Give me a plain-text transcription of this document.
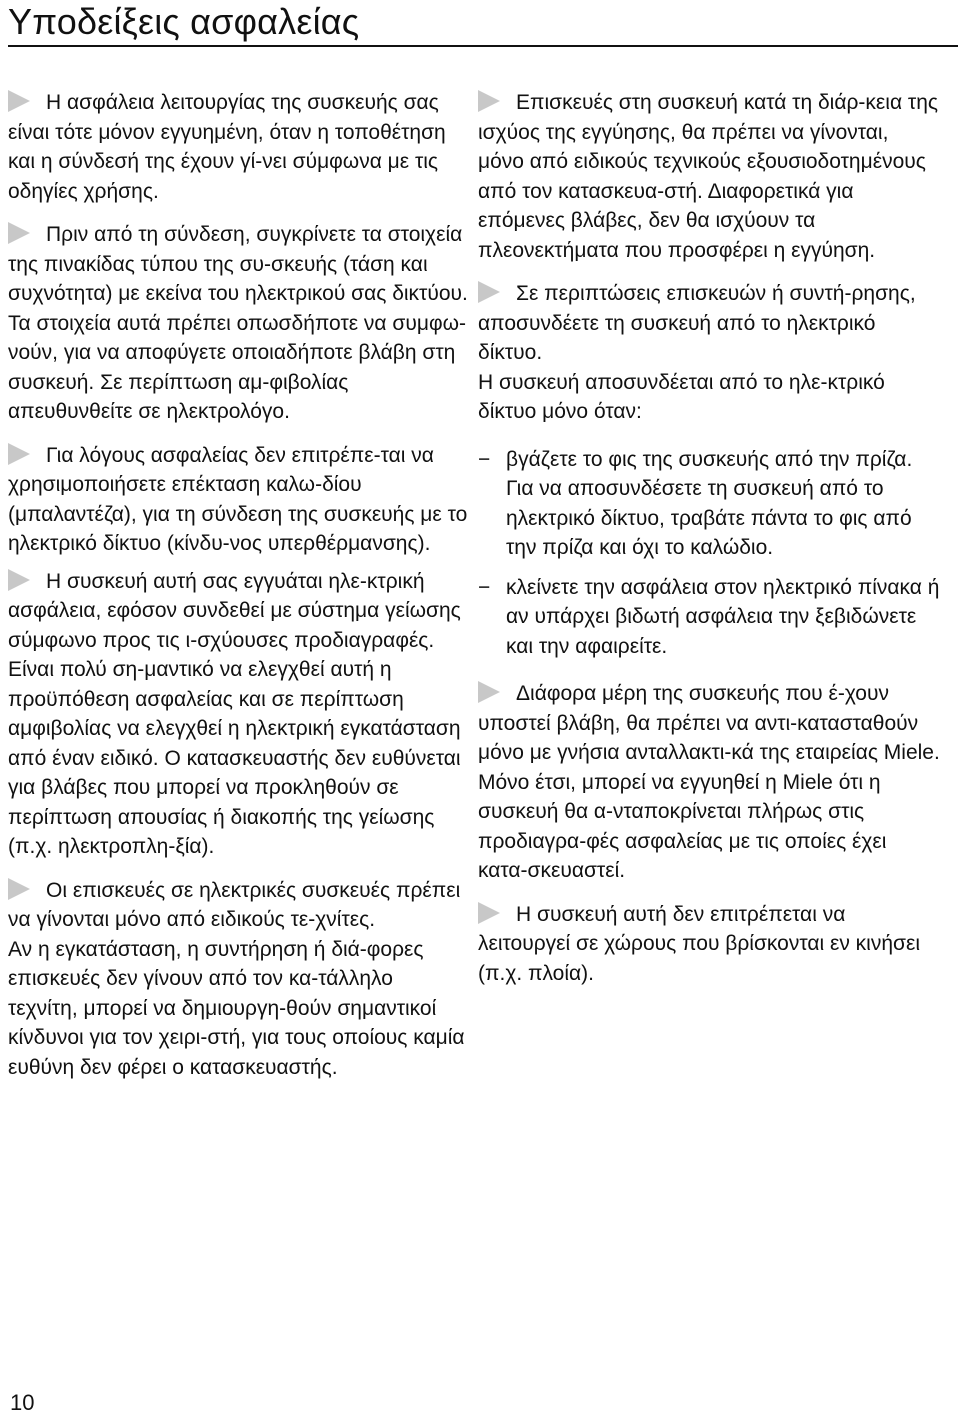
Υποδείξεις ασφαλείας

Η ασφάλεια λειτουργίας της συσκευής σας είναι τότε μόνον εγγυημένη, όταν η τοποθέτηση και η σύνδεσή της έχουν γί-νει σύμφωνα με τις οδηγίες χρήσης.

Πριν από τη σύνδεση, συγκρίνετε τα στοιχεία της πινακίδας τύπου της συ-σκευής (τάση και συχνότητα) με εκείνα του ηλεκτρικού σας δικτύου. Τα στοιχεία αυτά πρέπει οπωσδήποτε να συμφω-νούν, για να αποφύγετε οποιαδήποτε βλάβη στη συσκευή. Σε περίπτωση αμ-φιβολίας απευθυνθείτε σε ηλεκτρολόγο.

Για λόγους ασφαλείας δεν επιτρέπε-ται να χρησιμοποιήσετε επέκταση καλω-δίου (μπαλαντέζα), για τη σύνδεση της συσκευής με το ηλεκτρικό δίκτυο (κίνδυ-νος υπερθέρμανσης).

Η συσκευή αυτή σας εγγυάται ηλε-κτρική ασφάλεια, εφόσον συνδεθεί με σύστημα γείωσης σύμφωνο προς τις ι-σχύουσες προδιαγραφές. Είναι πολύ ση-μαντικό να ελεγχθεί αυτή η προϋπόθεση ασφαλείας και σε περίπτωση αμφιβολίας να ελεγχθεί η ηλεκτρική εγκατάσταση από έναν ειδικό. Ο κατασκευαστής δεν ευθύνεται για βλάβες που μπορεί να προκληθούν σε περίπτωση απουσίας ή διακοπής της γείωσης (π.χ. ηλεκτροπλη-ξία).

Οι επισκευές σε ηλεκτρικές συσκευές πρέπει να γίνονται μόνο από ειδικούς τε-χνίτες.

Αν η εγκατάσταση, η συντήρηση ή διά-φορες επισκευές δεν γίνουν από τον κα-τάλληλο τεχνίτη, μπορεί να δημιουργη-θούν σημαντικοί κίνδυνοι για τον χειρι-στή, για τους οποίους καμία ευθύνη δεν φέρει ο κατασκευαστής.

Επισκευές στη συσκευή κατά τη διάρ-κεια της ισχύος της εγγύησης, θα πρέπει να γίνονται, μόνο από ειδικούς τεχνικούς εξουσιοδοτημένους από τον κατασκευα-στή. Διαφορετικά για επόμενες βλάβες, δεν θα ισχύουν τα πλεονεκτήματα που προσφέρει η εγγύηση.

Σε περιπτώσεις επισκευών ή συντή-ρησης, αποσυνδέετε τη συσκευή από το ηλεκτρικό δίκτυο.

Η συσκευή αποσυνδέεται από το ηλε-κτρικό δίκτυο μόνο όταν:

− βγάζετε το φις της συσκευής από την πρίζα.
Για να αποσυνδέσετε τη συσκευή από το ηλεκτρικό δίκτυο, τραβάτε πάντα το φις από την πρίζα και όχι το καλώδιο.
− κλείνετε την ασφάλεια στον ηλεκτρικό πίνακα ή αν υπάρχει βιδωτή ασφάλεια την ξεβιδώνετε και την αφαιρείτε.

Διάφορα μέρη της συσκευής που έ-χουν υποστεί βλάβη, θα πρέπει να αντι-κατασταθούν μόνο με γνήσια ανταλλακτι-κά της εταιρείας Miele. Μόνο έτσι, μπορεί να εγγυηθεί η Miele ότι η συσκευή θα α-νταποκρίνεται πλήρως στις προδιαγρα-φές ασφαλείας με τις οποίες έχει κατα-σκευαστεί.

Η συσκευή αυτή δεν επιτρέπεται να λειτουργεί σε χώρους που βρίσκονται εν κινήσει (π.χ. πλοία).

10
